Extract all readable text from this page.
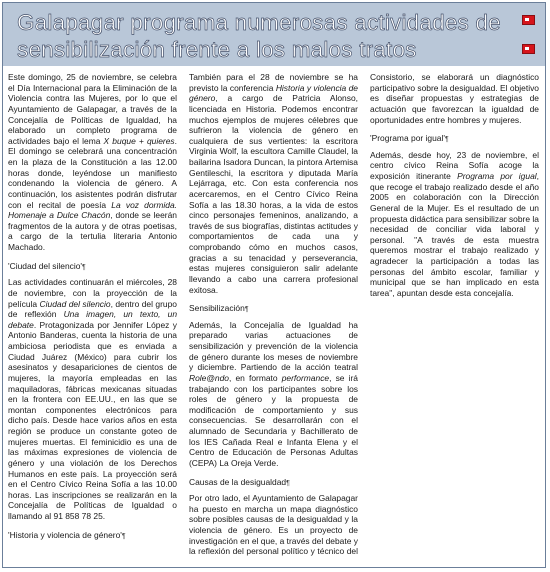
Galapagar programa numerosas actividades de sensibilización frente a los malos tratos

Este domingo, 25 de noviembre, se celebra el Día Internacional para la Eliminación de la Violencia contra las Mujeres, por lo que el Ayuntamiento de Galapagar, a través de la Concejalía de Políticas de Igualdad, ha elaborado un completo programa de actividades bajo el lema X buque + quieres. El domingo se celebrará una concentración en la plaza de la Constitución a las 12.00 horas donde, leyéndose un manifiesto condenando la violencia de género. A continuación, los asistentes podrán disfrutar con el recital de poesía La voz dormida. Homenaje a Dulce Chacón, donde se leerán fragmentos de la autora y de otras poetisas, a cargo de la tertulia literaria Antonio Machado.

'Ciudad del silencio' ¶

Las actividades continuarán el miércoles, 28 de noviembre, con la proyección de la película Ciudad del silencio, dentro del grupo de reflexión Una imagen, un texto, un debate. Protagonizada por Jennifer López y Antonio Banderas, cuenta la historia de una ambiciosa periodista que es enviada a Ciudad Juárez (México) para cubrir los asesinatos y desapariciones de cientos de mujeres, la mayoría empleadas en las maquiladoras, fábricas mexicanas situadas en la frontera con EE.UU., en las que se montan componentes electrónicos para dicho país. Desde hace varios años en esta región se produce un constante goteo de mujeres muertas. El feminicidio es una de las máximas expresiones de violencia de género y una violación de los Derechos Humanos en este país. La proyección será en el Centro Cívico Reina Sofía a las 10.00 horas. Las inscripciones se realizarán en la Concejalía de Políticas de Igualdad o llamando al 91 858 78 25.

'Historia y violencia de género' ¶

También para el 28 de noviembre se ha previsto la conferencia Historia y violencia de género, a cargo de Patricia Alonso, licenciada en Historia. Podemos encontrar muchos ejemplos de mujeres célebres que sufrieron la violencia de género en cualquiera de sus vertientes: la escritora Virginia Wolf, la escultora Camille Claudel, la bailarina Isadora Duncan, la pintora Artemisa Gentileschi, la escritora y diputada María Lejárraga, etc. Con esta conferencia nos acercaremos, en el Centro Cívico Reina Sofía a las 18.30 horas, a la vida de estos cinco personajes femeninos, analizando, a través de sus biografías, distintas actitudes y comportamientos de cada una y comprobando cómo en muchos casos, gracias a su tenacidad y perseverancia, estas mujeres consiguieron salir adelante llevando a cabo una carrera profesional exitosa.

Sensibilización ¶

Además, la Concejalía de Igualdad ha preparado varias actuaciones de sensibilización y prevención de la violencia de género durante los meses de noviembre y diciembre. Partiendo de la acción teatral Role@ndo, en formato performance, se irá trabajando con los participantes sobre los roles de género y la propuesta de modificación de comportamiento y sus consecuencias. Se desarrollarán con el alumnado de Secundaria y Bachillerato de los IES Cañada Real e Infanta Elena y el Centro de Educación de Personas Adultas (CEPA) La Oreja Verde.

Causas de la desigualdad ¶

Por otro lado, el Ayuntamiento de Galapagar ha puesto en marcha un mapa diagnóstico sobre posibles causas de la desigualdad y la violencia de género. Es un proyecto de investigación en el que, a través del debate y la reflexión del personal político y técnico del Consistorio, se elaborará un diagnóstico participativo sobre la desigualdad. El objetivo es diseñar propuestas y estrategias de actuación que favorezcan la igualdad de oportunidades entre hombres y mujeres.

'Programa por igual' ¶

Además, desde hoy, 23 de noviembre, el centro cívico Reina Sofía acoge la exposición itinerante Programa por igual, que recoge el trabajo realizado desde el año 2005 en colaboración con la Dirección General de la Mujer. Es el resultado de un propuesta didáctica para sensibilizar sobre la necesidad de conciliar vida laboral y personal. "A través de esta muestra queremos mostrar el trabajo realizado y agradecer la participación a todas las personas del ámbito escolar, familiar y municipal que se han implicado en esta tarea", apuntan desde esta concejalía.
